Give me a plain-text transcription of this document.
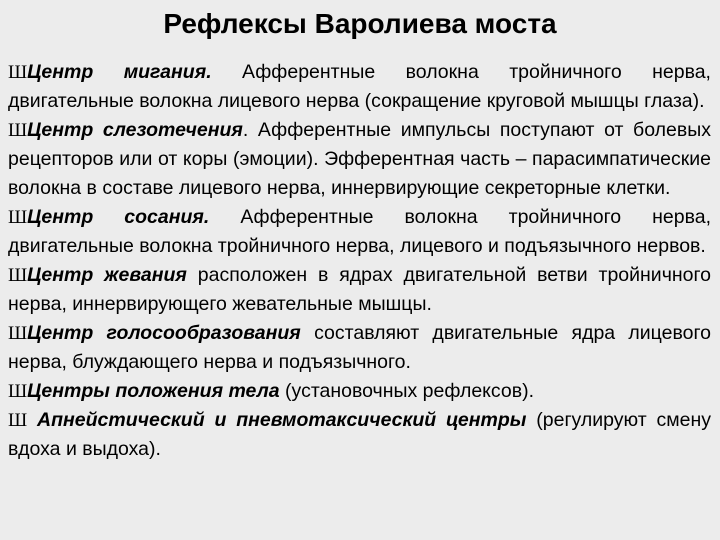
Рефлексы Варолиева моста
ШЦентр мигания. Афферентные волокна тройничного нерва, двигательные волокна лицевого нерва (сокращение круговой мышцы глаза).
ШЦентр слезотечения. Афферентные импульсы поступают от болевых рецепторов или от коры (эмоции). Эфферентная часть – парасимпатические волокна в составе лицевого нерва, иннервирующие секреторные клетки.
ШЦентр сосания. Афферентные волокна тройничного нерва, двигательные волокна тройничного нерва, лицевого и подъязычного нервов.
ШЦентр жевания расположен в ядрах двигательной ветви тройничного нерва, иннервирующего жевательные мышцы.
ШЦентр голосообразования составляют двигательные ядра лицевого нерва, блуждающего нерва и подъязычного.
ШЦентры положения тела (установочных рефлексов).
Ш Апнейстический и пневмотаксический центры (регулируют смену вдоха и выдоха).
